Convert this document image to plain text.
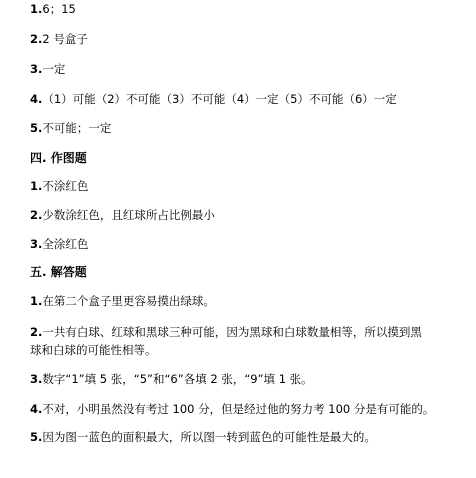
1.6；15
2.2 号盒子
3.一定
4.（1）可能（2）不可能（3）不可能（4）一定（5）不可能（6）一定
5.不可能；一定
四. 作图题
1.不涂红色
2.少数涂红色，且红球所占比例最小
3.全涂红色
五. 解答题
1.在第二个盒子里更容易摸出绿球。
2.一共有白球、红球和黑球三种可能，因为黑球和白球数量相等，所以摸到黑
球和白球的可能性相等。
3.数字“1”填 5 张，“5”和“6”各填 2 张，“9”填 1 张。
4.不对，小明虽然没有考过 100 分，但是经过他的努力考 100 分是有可能的。
5.因为图一蓝色的面积最大，所以图一转到蓝色的可能性是最大的。
